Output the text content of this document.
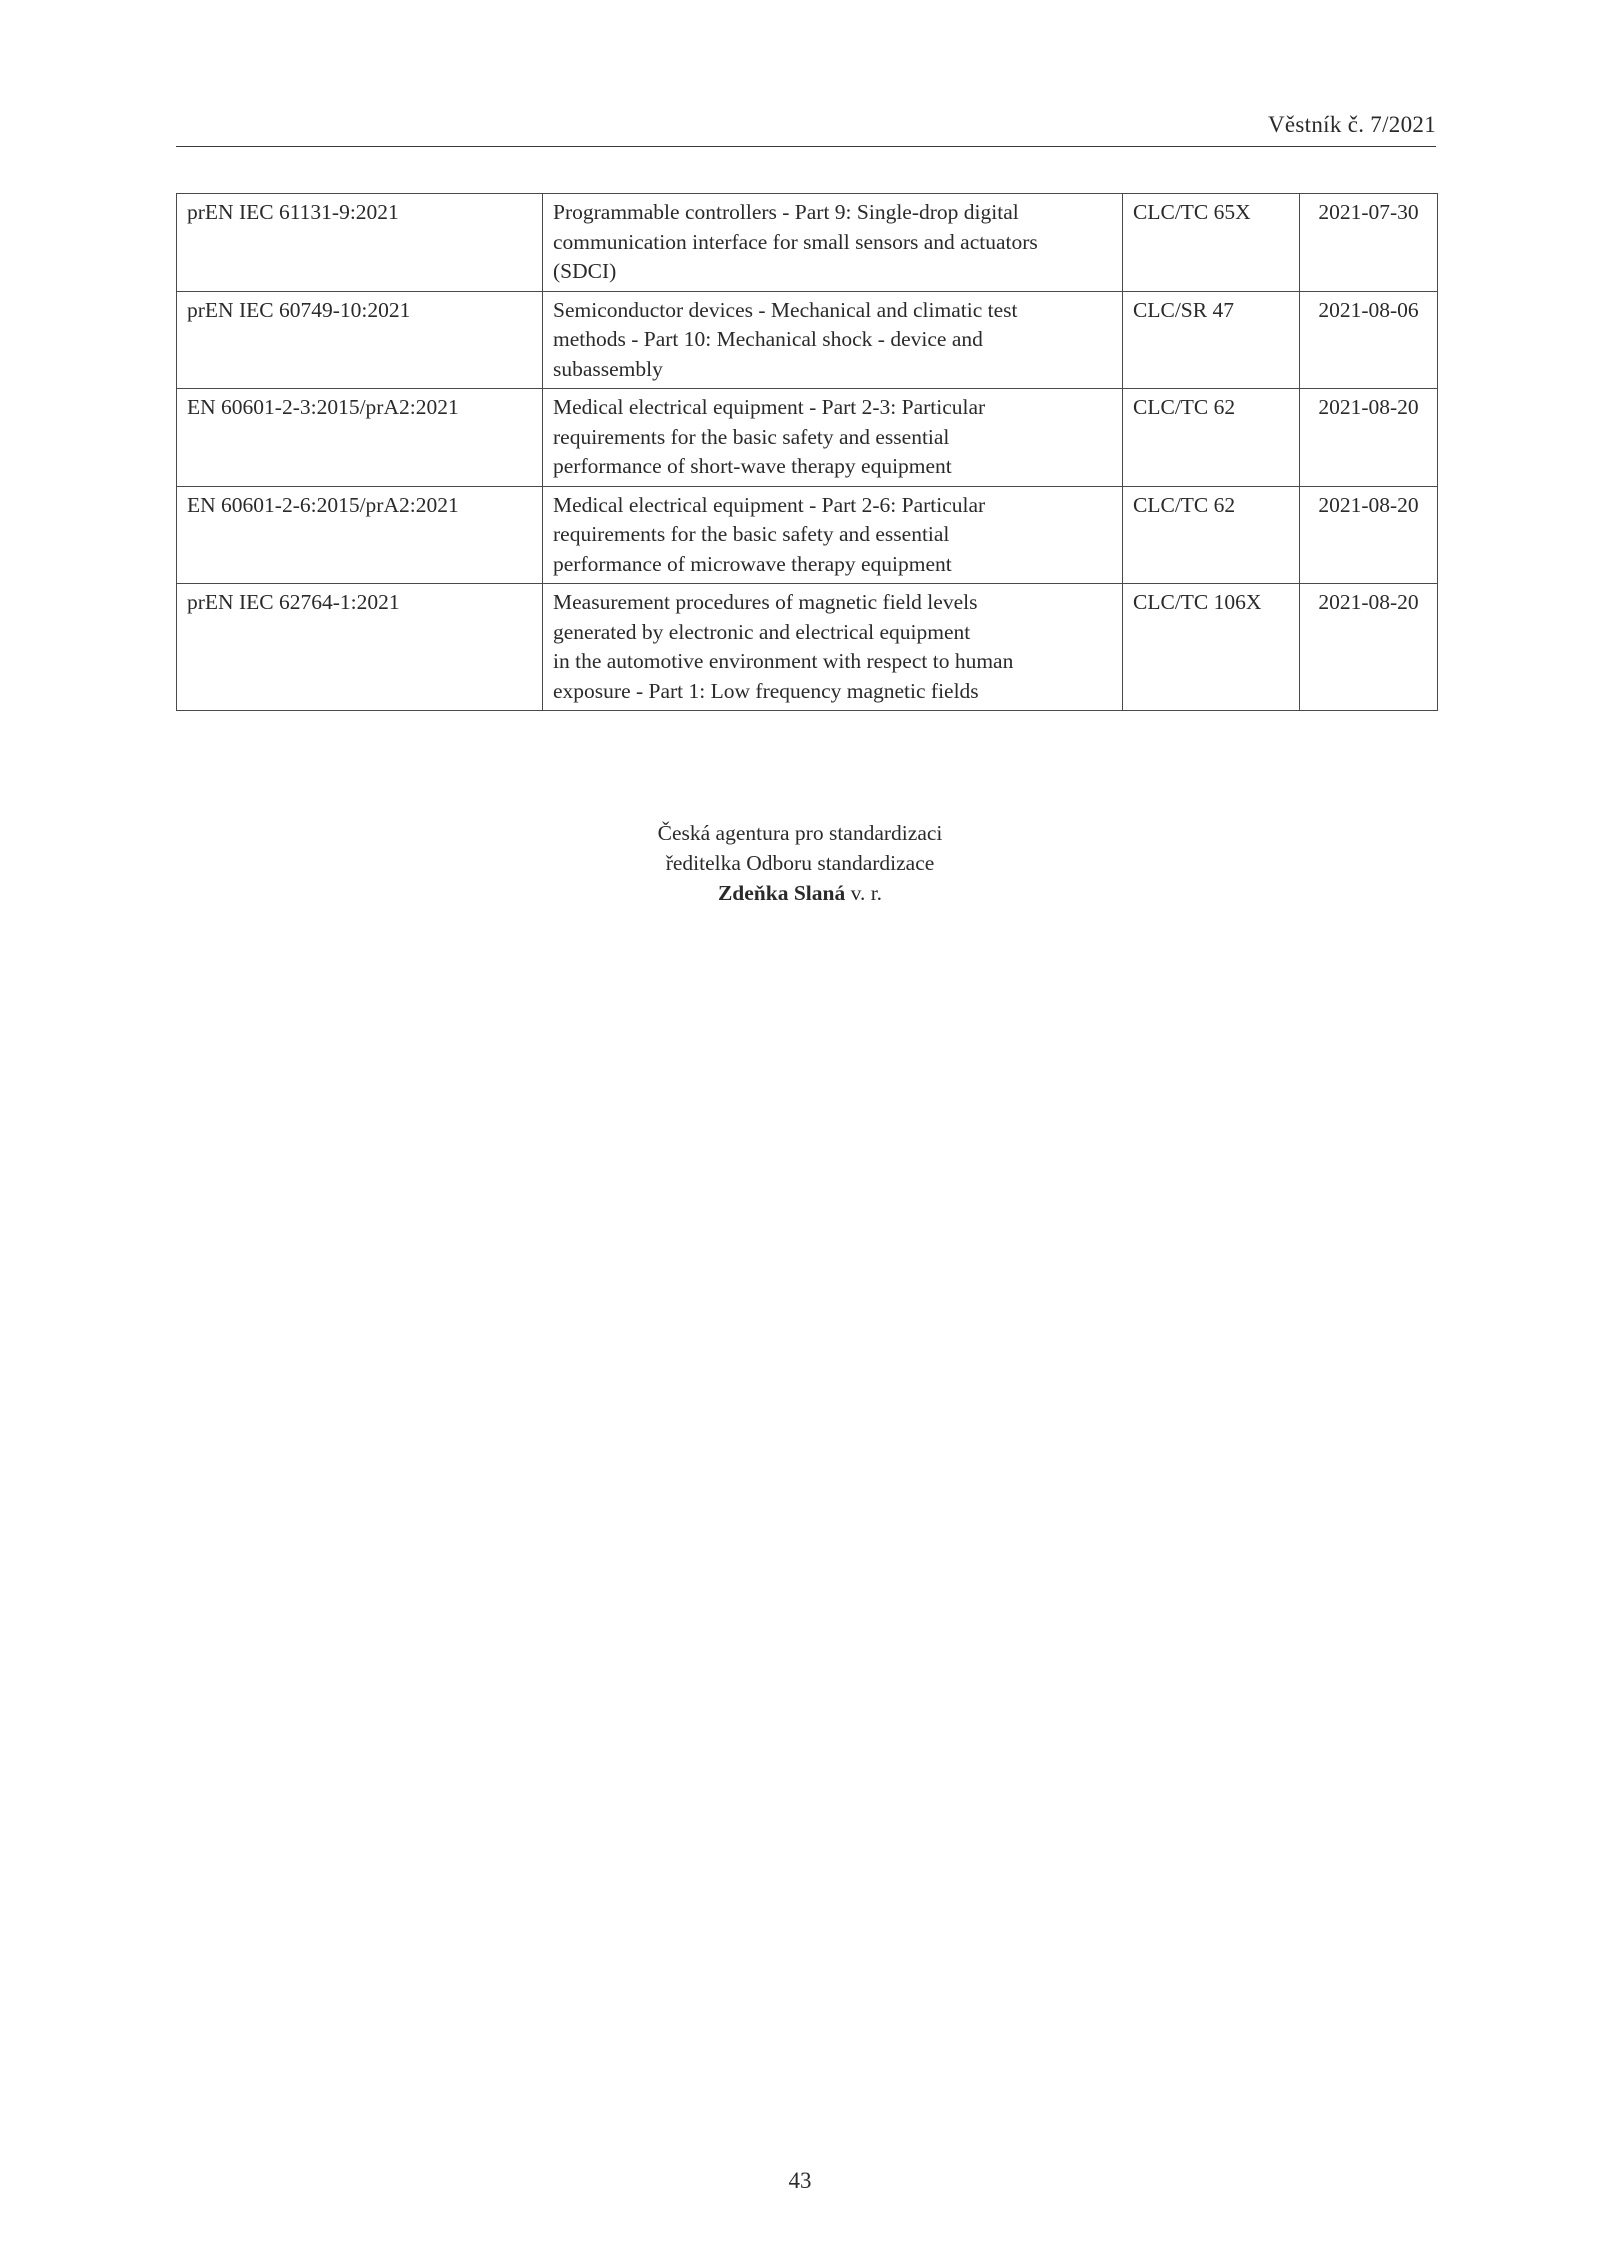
Věstník č. 7/2021
prEN IEC 61131-9:2021	Programmable controllers - Part 9: Single-drop digital
communication interface for small sensors and actuators
(SDCI)	CLC/TC 65X	2021-07-30
prEN IEC 60749-10:2021	Semiconductor devices - Mechanical and climatic test
methods - Part 10: Mechanical shock - device and
subassembly	CLC/SR 47	2021-08-06
EN 60601-2-3:2015/prA2:2021	Medical electrical equipment - Part 2-3: Particular
requirements for the basic safety and essential
performance of short-wave therapy equipment	CLC/TC 62	2021-08-20
EN 60601-2-6:2015/prA2:2021	Medical electrical equipment - Part 2-6: Particular
requirements for the basic safety and essential
performance of microwave therapy equipment	CLC/TC 62	2021-08-20
prEN IEC 62764-1:2021	Measurement procedures of magnetic field levels
generated by electronic and electrical equipment
in the automotive environment with respect to human
exposure - Part 1: Low frequency magnetic fields	CLC/TC 106X	2021-08-20
Česká agentura pro standardizaci
ředitelka Odboru standardizace
Zdeňka Slaná v. r.
43
